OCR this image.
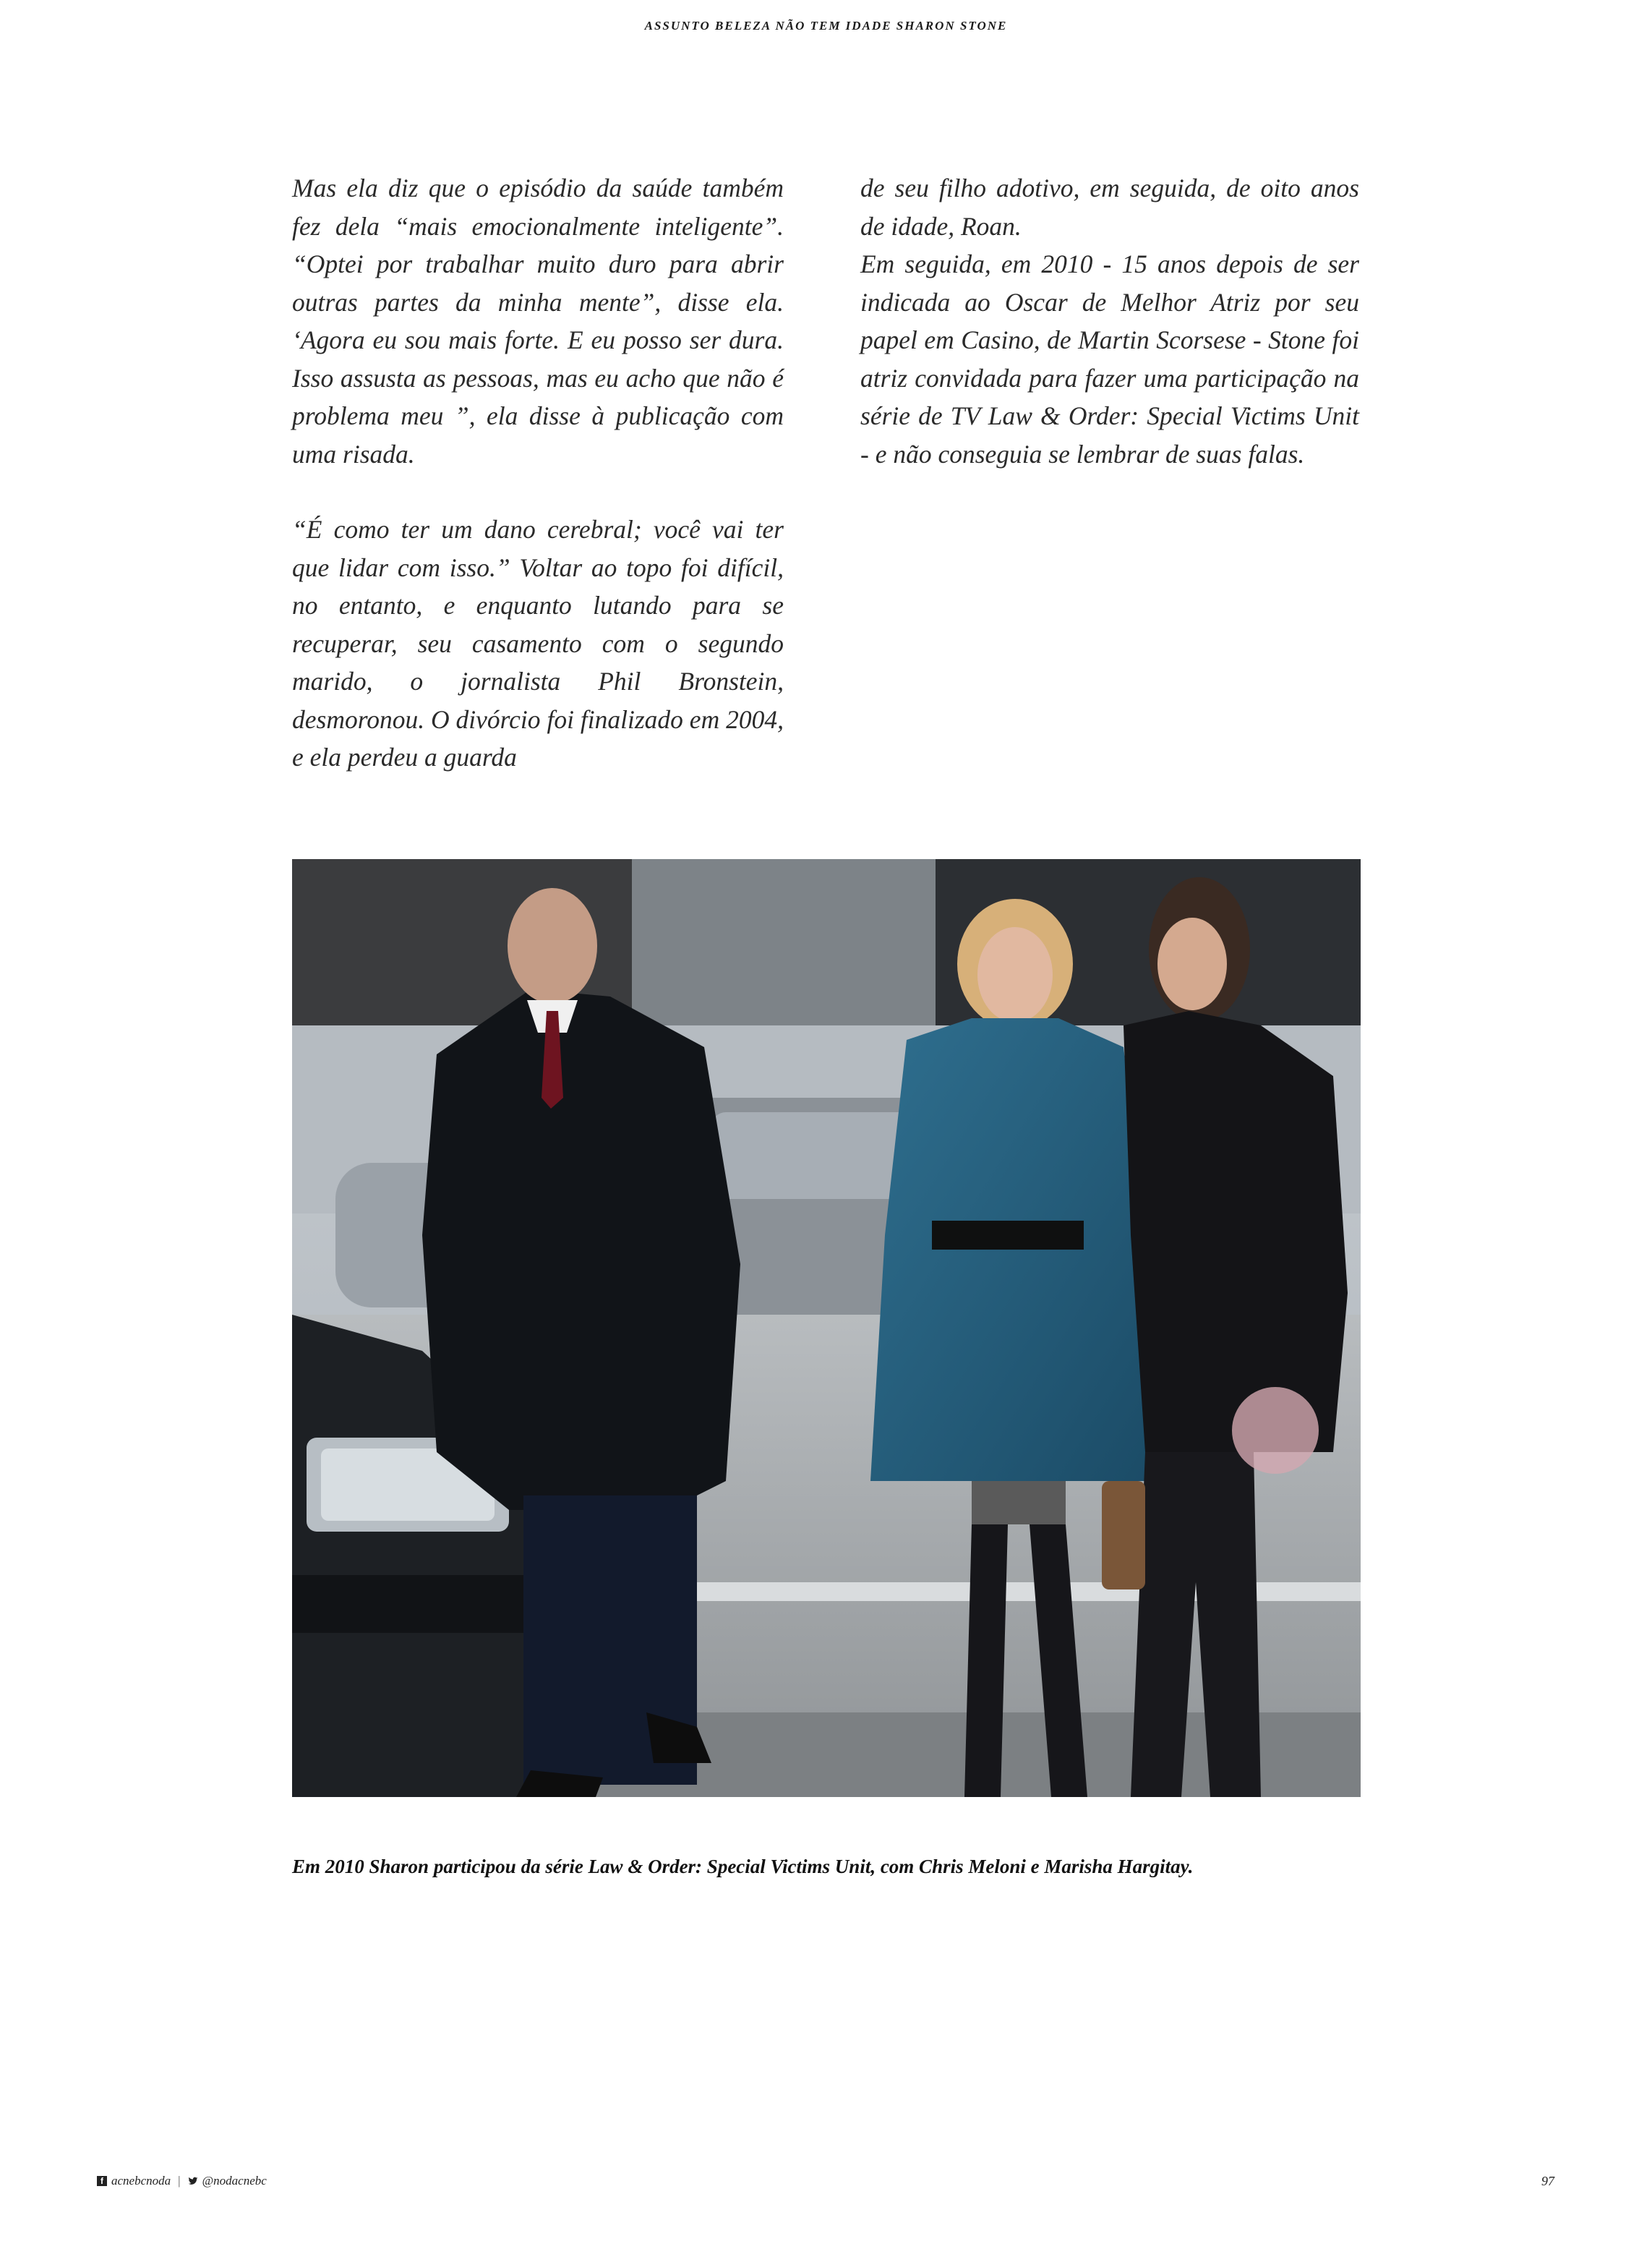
ASSUNTO BELEZA NÃO TEM IDADE SHARON STONE

Mas ela diz que o episódio da saúde também fez dela “mais emocionalmente inteligente”. “Optei por trabalhar muito duro para abrir outras partes da minha mente”, disse ela. ‘Agora eu sou mais forte. E eu posso ser dura. Isso assusta as pessoas, mas eu acho que não é problema meu ”, ela disse à publicação com uma risada.

“É como ter um dano cerebral; você vai ter que lidar com isso.” Voltar ao topo foi difícil, no entanto, e enquanto lutando para se recuperar, seu casamento com o segundo marido, o jornalista Phil Bronstein, desmoronou. O divórcio foi finalizado em 2004, e ela perdeu a guarda

de seu filho adotivo, em seguida, de oito anos de idade, Roan.

Em seguida, em 2010 - 15 anos depois de ser indicada ao Oscar de Melhor Atriz por seu papel em Casino, de Martin Scorsese - Stone foi atriz convidada para fazer uma participação na série de TV Law & Order: Special Victims Unit - e não conseguia se lembrar de suas falas.

Em 2010 Sharon participou da série Law & Order: Special Victims Unit, com Chris Meloni e Marisha Hargitay.
f acnebcnoda | @nodacnebc	97
